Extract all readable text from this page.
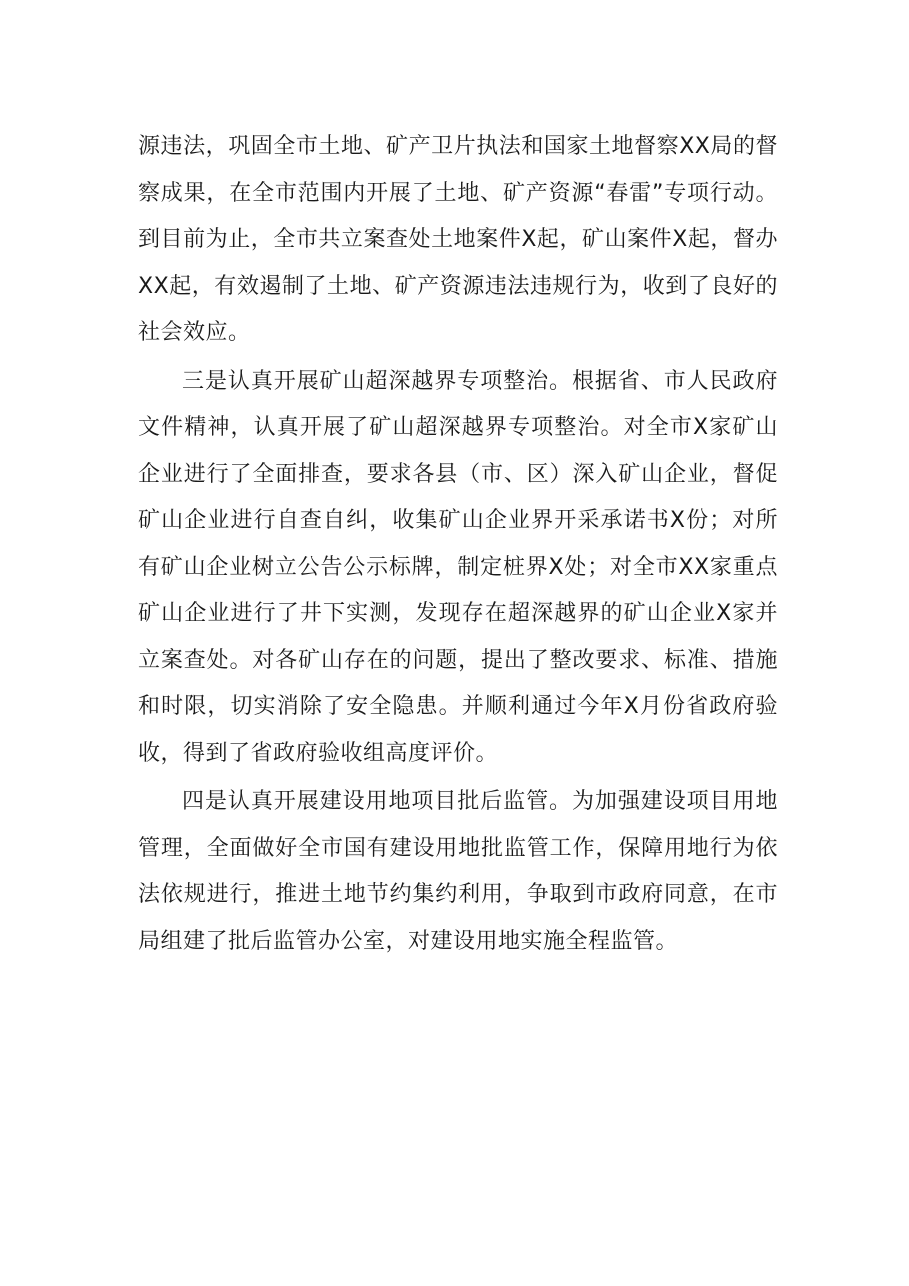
源违法，巩固全市土地、矿产卫片执法和国家土地督察XX局的督察成果，在全市范围内开展了土地、矿产资源“春雷”专项行动。到目前为止，全市共立案查处土地案件X起，矿山案件X起，督办XX起，有效遏制了土地、矿产资源违法违规行为，收到了良好的社会效应。

三是认真开展矿山超深越界专项整治。根据省、市人民政府文件精神，认真开展了矿山超深越界专项整治。对全市X家矿山企业进行了全面排查，要求各县（市、区）深入矿山企业，督促矿山企业进行自查自纠，收集矿山企业界开采承诺书X份；对所有矿山企业树立公告公示标牌，制定桩界X处；对全市XX家重点矿山企业进行了井下实测，发现存在超深越界的矿山企业X家并立案查处。对各矿山存在的问题，提出了整改要求、标准、措施和时限，切实消除了安全隐患。并顺利通过今年X月份省政府验收，得到了省政府验收组高度评价。

四是认真开展建设用地项目批后监管。为加强建设项目用地管理，全面做好全市国有建设用地批监管工作，保障用地行为依法依规进行，推进土地节约集约利用，争取到市政府同意，在市局组建了批后监管办公室，对建设用地实施全程监管。
